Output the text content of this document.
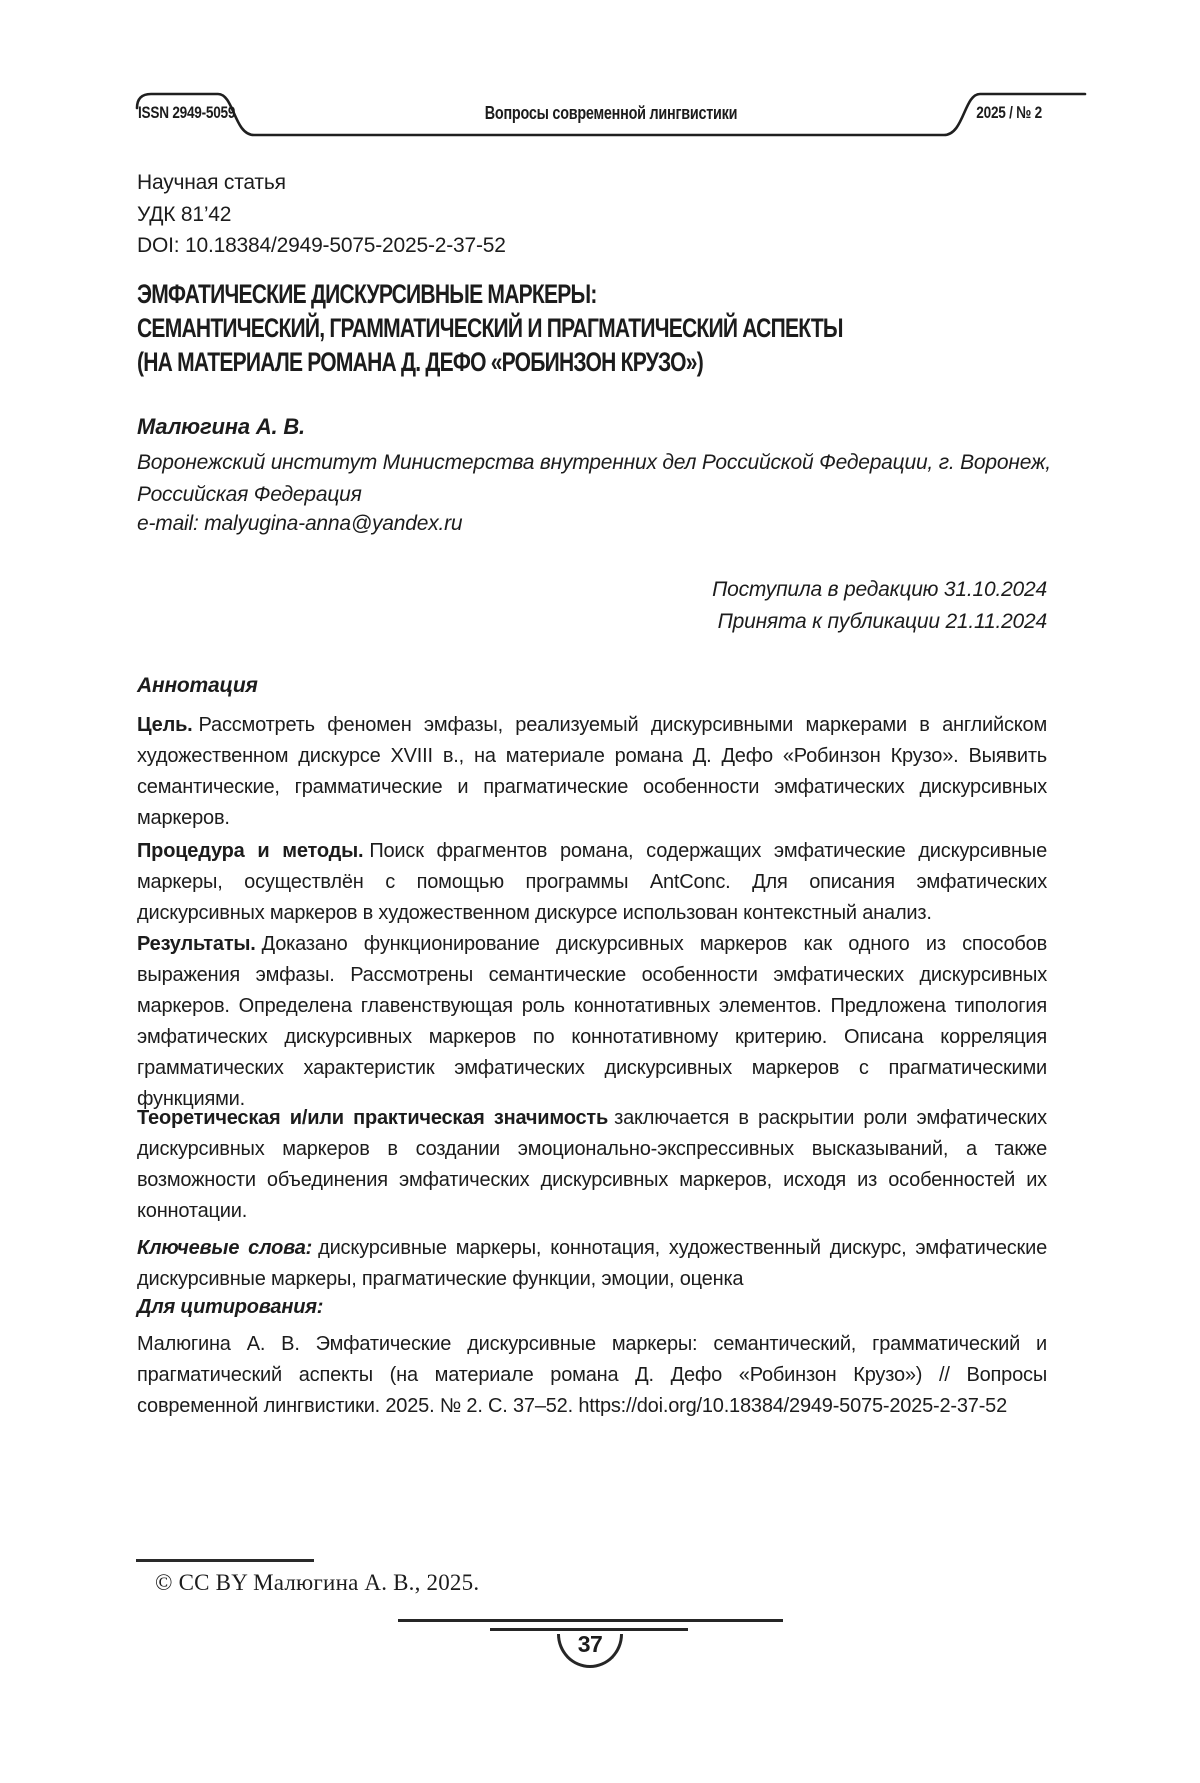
ISSN 2949-5059	Вопросы современной лингвистики	2025 / № 2
Научная статья
УДК 81’42
DOI: 10.18384/2949-5075-2025-2-37-52
ЭМФАТИЧЕСКИЕ ДИСКУРСИВНЫЕ МАРКЕРЫ:
СЕМАНТИЧЕСКИЙ, ГРАММАТИЧЕСКИЙ И ПРАГМАТИЧЕСКИЙ АСПЕКТЫ
(НА МАТЕРИАЛЕ РОМАНА Д. ДЕФО «РОБИНЗОН КРУЗО»)
Малюгина А. В.
Воронежский институт Министерства внутренних дел Российской Федерации, г. Воронеж,
Российская Федерация
e-mail: malyugina-anna@yandex.ru
Поступила в редакцию 31.10.2024
Принята к публикации 21.11.2024
Аннотация
Цель. Рассмотреть феномен эмфазы, реализуемый дискурсивными маркерами в английском художественном дискурсе XVIII в., на материале романа Д. Дефо «Робинзон Крузо». Выявить семантические, грамматические и прагматические особенности эмфатических дискурсивных маркеров.
Процедура и методы. Поиск фрагментов романа, содержащих эмфатические дискурсивные маркеры, осуществлён с помощью программы AntConc. Для описания эмфатических дискурсивных маркеров в художественном дискурсе использован контекстный анализ.
Результаты. Доказано функционирование дискурсивных маркеров как одного из способов выражения эмфазы. Рассмотрены семантические особенности эмфатических дискурсивных маркеров. Определена главенствующая роль коннотативных элементов. Предложена типология эмфатических дискурсивных маркеров по коннотативному критерию. Описана корреляция грамматических характеристик эмфатических дискурсивных маркеров с прагматическими функциями.
Теоретическая и/или практическая значимость заключается в раскрытии роли эмфатических дискурсивных маркеров в создании эмоционально-экспрессивных высказываний, а также возможности объединения эмфатических дискурсивных маркеров, исходя из особенностей их коннотации.
Ключевые слова: дискурсивные маркеры, коннотация, художественный дискурс, эмфатические дискурсивные маркеры, прагматические функции, эмоции, оценка
Для цитирования:
Малюгина А. В. Эмфатические дискурсивные маркеры: семантический, грамматический и прагматический аспекты (на материале романа Д. Дефо «Робинзон Крузо») // Вопросы современной лингвистики. 2025. № 2. С. 37–52. https://doi.org/10.18384/2949-5075-2025-2-37-52
© CC BY Малюгина А. В., 2025.
37
